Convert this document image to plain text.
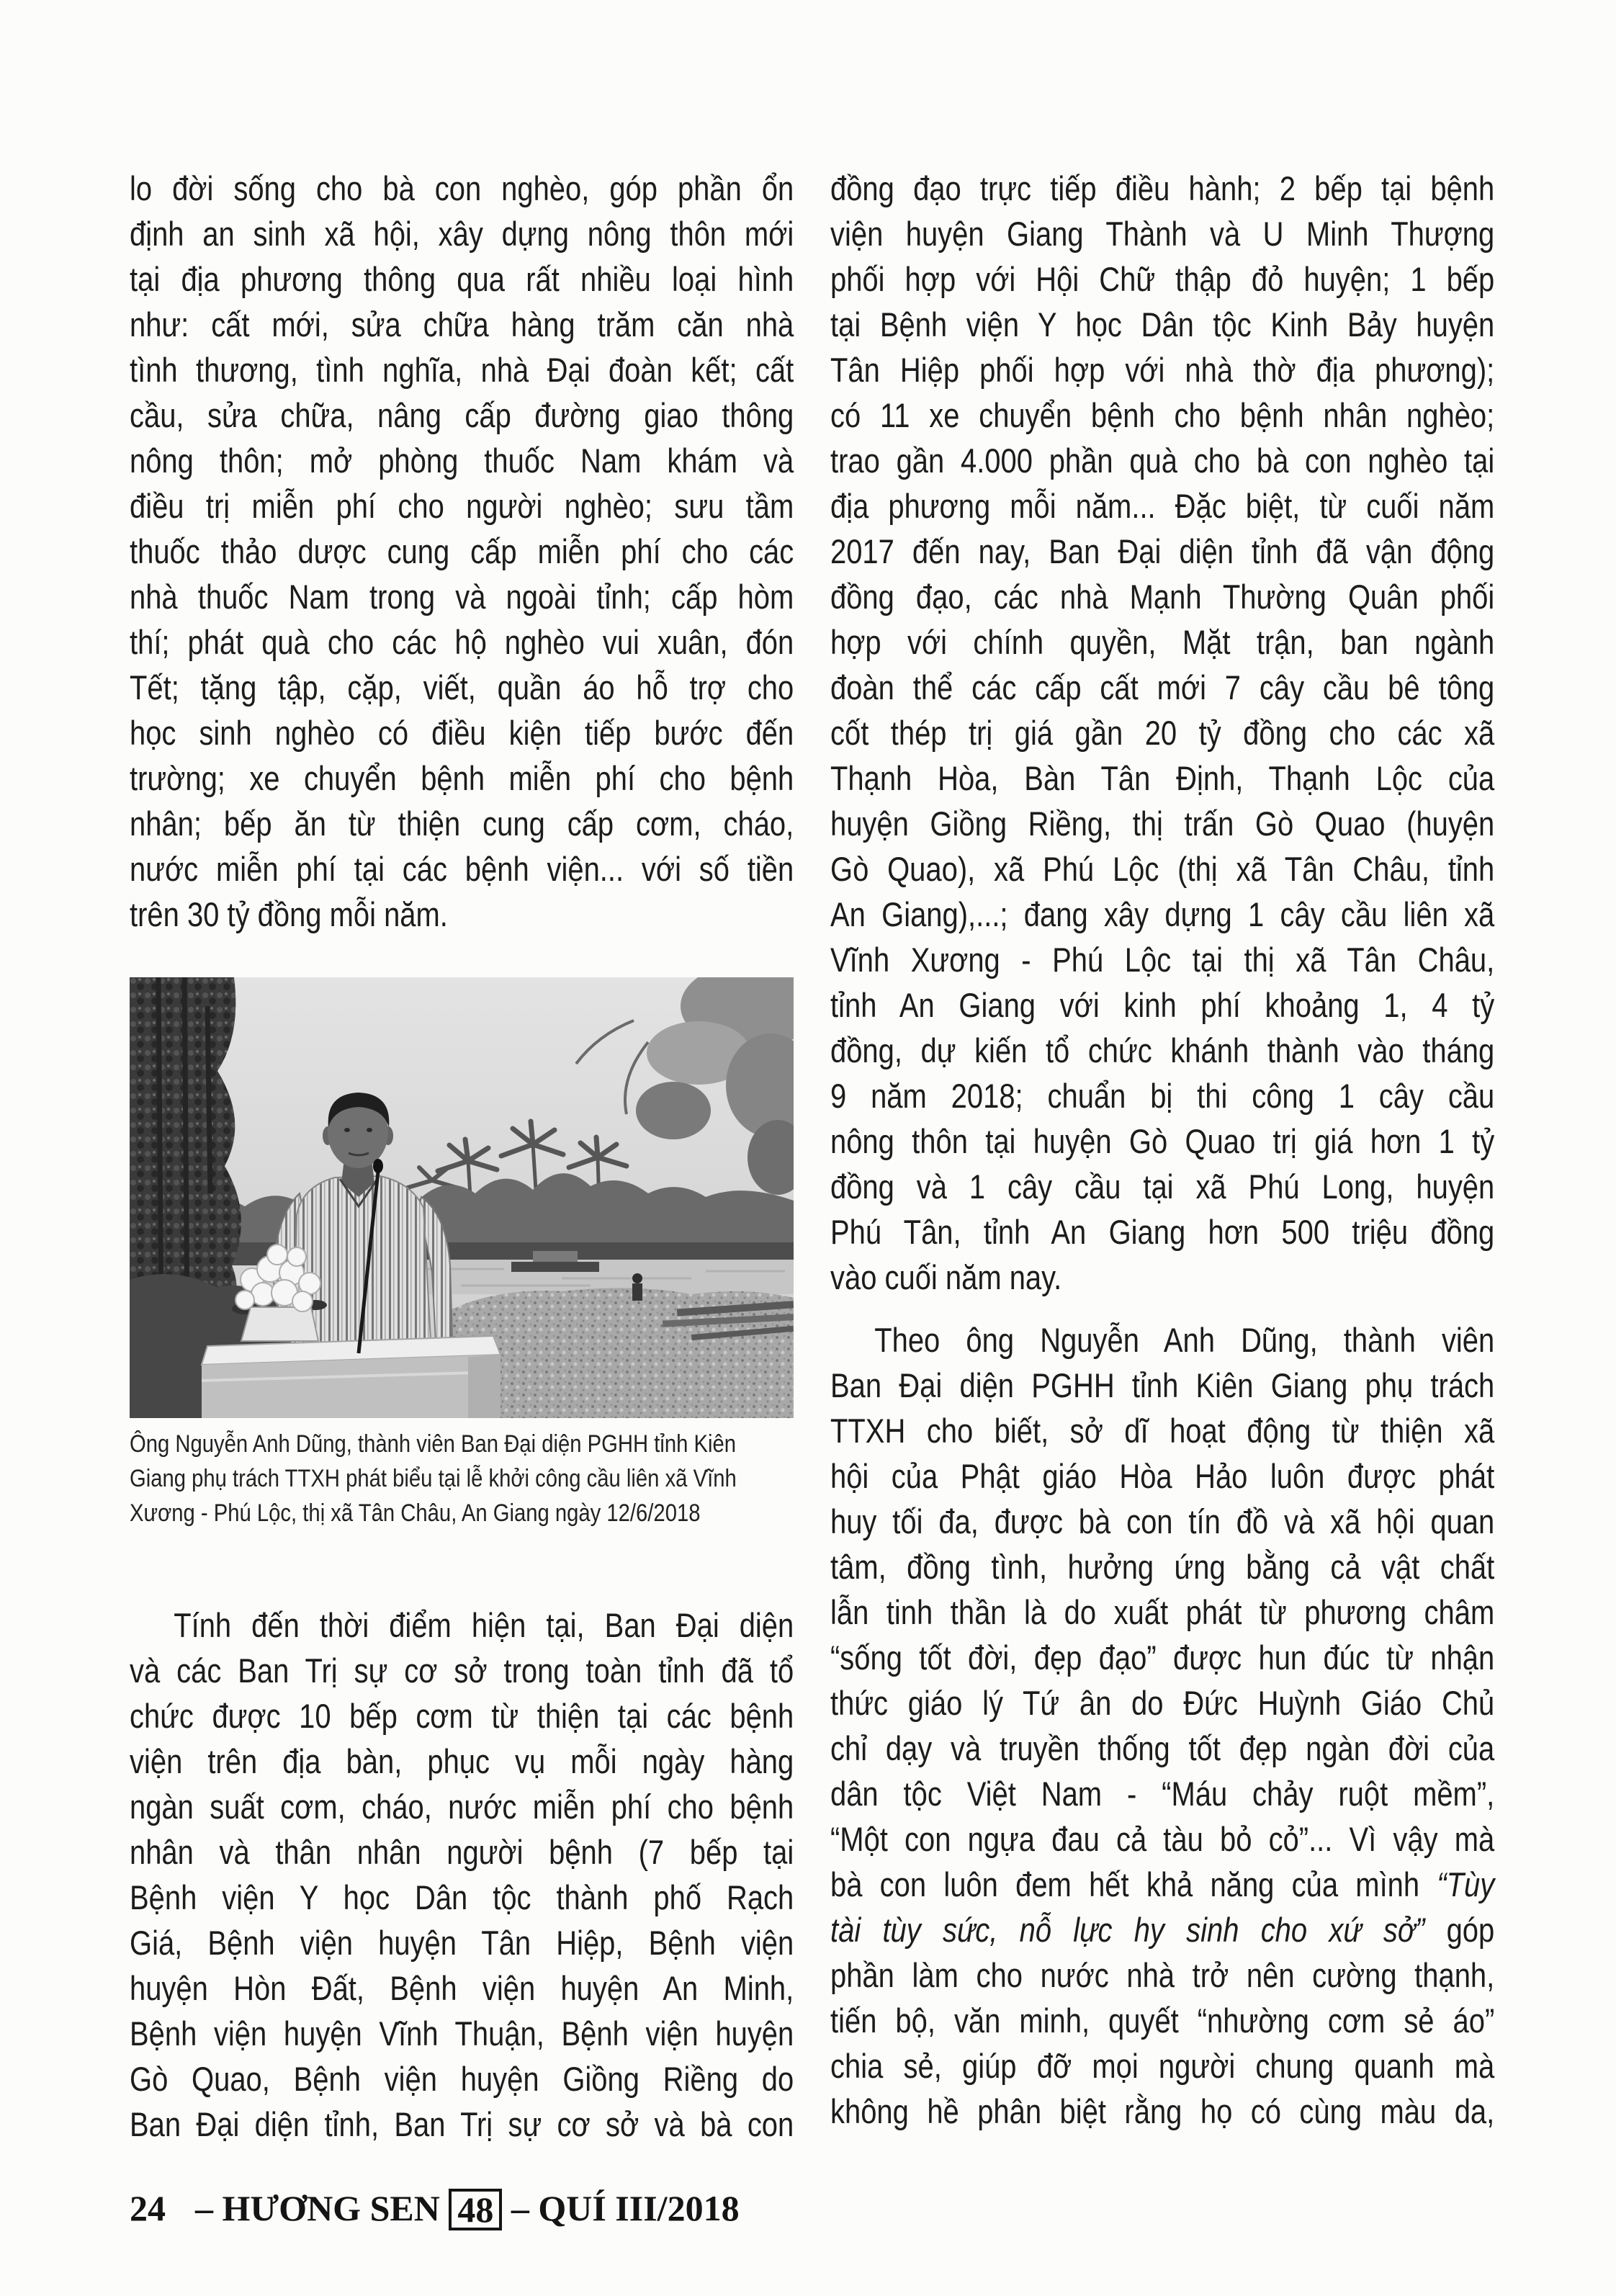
lo đời sống cho bà con nghèo, góp phần ổn
định an sinh xã hội, xây dựng nông thôn mới
tại địa phương thông qua rất nhiều loại hình
như: cất mới, sửa chữa hàng trăm căn nhà
tình thương, tình nghĩa, nhà Đại đoàn kết; cất
cầu, sửa chữa, nâng cấp đường giao thông
nông thôn; mở phòng thuốc Nam khám và
điều trị miễn phí cho người nghèo; sưu tầm
thuốc thảo dược cung cấp miễn phí cho các
nhà thuốc Nam trong và ngoài tỉnh; cấp hòm
thí; phát quà cho các hộ nghèo vui xuân, đón
Tết; tặng tập, cặp, viết, quần áo hỗ trợ cho
học sinh nghèo có điều kiện tiếp bước đến
trường; xe chuyển bệnh miễn phí cho bệnh
nhân; bếp ăn từ thiện cung cấp cơm, cháo,
nước miễn phí tại các bệnh viện... với số tiền
trên 30 tỷ đồng mỗi năm.
Ông Nguyễn Anh Dũng, thành viên Ban Đại diện PGHH tỉnh Kiên
Giang phụ trách TTXH phát biểu tại lễ khởi công cầu liên xã Vĩnh
Xương - Phú Lộc, thị xã Tân Châu, An Giang ngày 12/6/2018
Tính đến thời điểm hiện tại, Ban Đại diện
và các Ban Trị sự cơ sở trong toàn tỉnh đã tổ
chức được 10 bếp cơm từ thiện tại các bệnh
viện trên địa bàn, phục vụ mỗi ngày hàng
ngàn suất cơm, cháo, nước miễn phí cho bệnh
nhân và thân nhân người bệnh (7 bếp tại
Bệnh viện Y học Dân tộc thành phố Rạch
Giá, Bệnh viện huyện Tân Hiệp, Bệnh viện
huyện Hòn Đất, Bệnh viện huyện An Minh,
Bệnh viện huyện Vĩnh Thuận, Bệnh viện huyện
Gò Quao, Bệnh viện huyện Giồng Riềng do
Ban Đại diện tỉnh, Ban Trị sự cơ sở và bà con
đồng đạo trực tiếp điều hành; 2 bếp tại bệnh
viện huyện Giang Thành và U Minh Thượng
phối hợp với Hội Chữ thập đỏ huyện; 1 bếp
tại Bệnh viện Y học Dân tộc Kinh Bảy huyện
Tân Hiệp phối hợp với nhà thờ địa phương);
có 11 xe chuyển bệnh cho bệnh nhân nghèo;
trao gần 4.000 phần quà cho bà con nghèo tại
địa phương mỗi năm... Đặc biệt, từ cuối năm
2017 đến nay, Ban Đại diện tỉnh đã vận động
đồng đạo, các nhà Mạnh Thường Quân phối
hợp với chính quyền, Mặt trận, ban ngành
đoàn thể các cấp cất mới 7 cây cầu bê tông
cốt thép trị giá gần 20 tỷ đồng cho các xã
Thạnh Hòa, Bàn Tân Định, Thạnh Lộc của
huyện Giồng Riềng, thị trấn Gò Quao (huyện
Gò Quao), xã Phú Lộc (thị xã Tân Châu, tỉnh
An Giang),...; đang xây dựng 1 cây cầu liên xã
Vĩnh Xương - Phú Lộc tại thị xã Tân Châu,
tỉnh An Giang với kinh phí khoảng 1, 4 tỷ
đồng, dự kiến tổ chức khánh thành vào tháng
9 năm 2018; chuẩn bị thi công 1 cây cầu
nông thôn tại huyện Gò Quao trị giá hơn 1 tỷ
đồng và 1 cây cầu tại xã Phú Long, huyện
Phú Tân, tỉnh An Giang hơn 500 triệu đồng
vào cuối năm nay.
Theo ông Nguyễn Anh Dũng, thành viên
Ban Đại diện PGHH tỉnh Kiên Giang phụ trách
TTXH cho biết, sở dĩ hoạt động từ thiện xã
hội của Phật giáo Hòa Hảo luôn được phát
huy tối đa, được bà con tín đồ và xã hội quan
tâm, đồng tình, hưởng ứng bằng cả vật chất
lẫn tinh thần là do xuất phát từ phương châm
“sống tốt đời, đẹp đạo” được hun đúc từ nhận
thức giáo lý Tứ ân do Đức Huỳnh Giáo Chủ
chỉ dạy và truyền thống tốt đẹp ngàn đời của
dân tộc Việt Nam - “Máu chảy ruột mềm”,
“Một con ngựa đau cả tàu bỏ cỏ”... Vì vậy mà
bà con luôn đem hết khả năng của mình “Tùy
tài tùy sức, nỗ lực hy sinh cho xứ sở” góp
phần làm cho nước nhà trở nên cường thạnh,
tiến bộ, văn minh, quyết “nhường cơm sẻ áo”
chia sẻ, giúp đỡ mọi người chung quanh mà
không hề phân biệt rằng họ có cùng màu da,
24 – HƯƠNG SEN 48 – QUÍ III/2018
